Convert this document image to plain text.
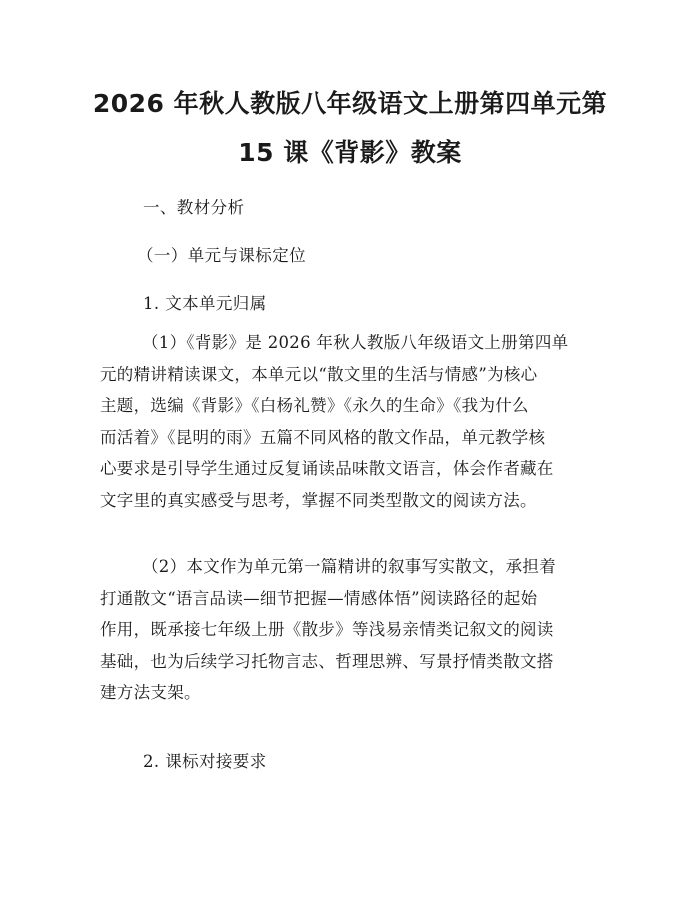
2026 年秋人教版八年级语文上册第四单元第
15 课《背影》教案
一、教材分析
（一）单元与课标定位
1. 文本单元归属
（1）《背影》是 2026 年秋人教版八年级语文上册第四单
元的精讲精读课文，本单元以“散文里的生活与情感”为核心
主题，选编《背影》《白杨礼赞》《永久的生命》《我为什么
而活着》《昆明的雨》五篇不同风格的散文作品，单元教学核
心要求是引导学生通过反复诵读品味散文语言，体会作者藏在
文字里的真实感受与思考，掌握不同类型散文的阅读方法。
（2）本文作为单元第一篇精讲的叙事写实散文，承担着
打通散文“语言品读—细节把握—情感体悟”阅读路径的起始
作用，既承接七年级上册《散步》等浅易亲情类记叙文的阅读
基础，也为后续学习托物言志、哲理思辨、写景抒情类散文搭
建方法支架。
2. 课标对接要求
